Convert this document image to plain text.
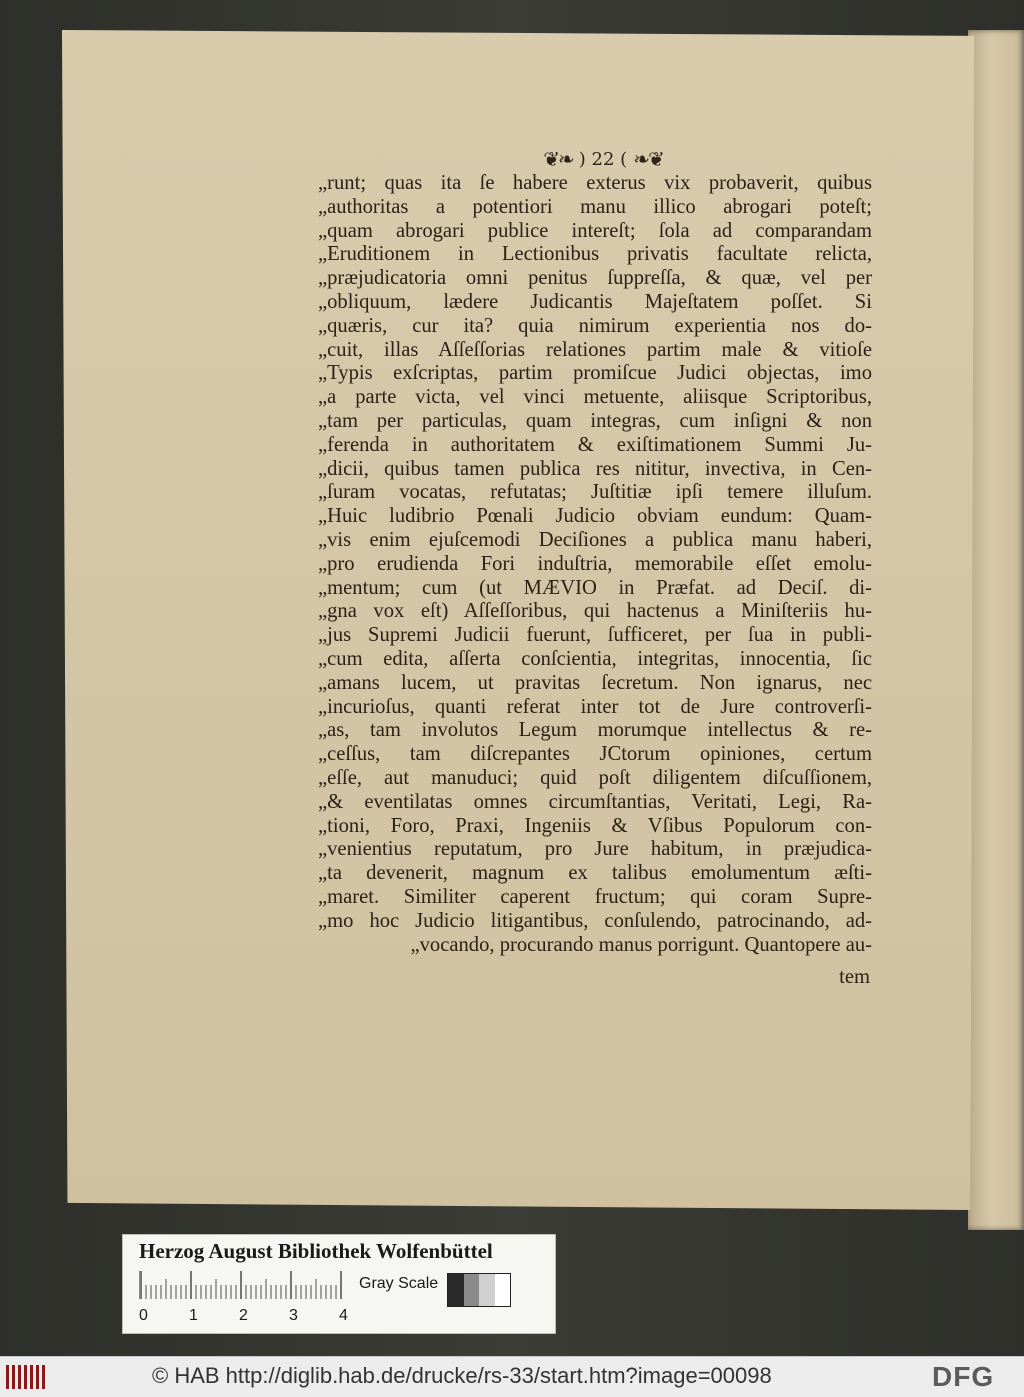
❦❧ ) 22 ( ❧❦
„runt; quas ita ſe habere exterus vix probaverit, quibus
„authoritas a potentiori manu illico abrogari poteſt;
„quam abrogari publice intereſt; ſola ad comparandam
„Eruditionem in Lectionibus privatis facultate relicta,
„præjudicatoria omni penitus ſuppreſſa, & quæ, vel per
„obliquum, lædere Judicantis Majeſtatem poſſet. Si
„quæris, cur ita? quia nimirum experientia nos do-
„cuit, illas Aſſeſſorias relationes partim male & vitioſe
„Typis exſcriptas, partim promiſcue Judici objectas, imo
„a parte victa, vel vinci metuente, aliisque Scriptoribus,
„tam per particulas, quam integras, cum inſigni & non
„ferenda in authoritatem & exiſtimationem Summi Ju-
„dicii, quibus tamen publica res nititur, invectiva, in Cen-
„ſuram vocatas, refutatas; Juſtitiæ ipſi temere illuſum.
„Huic ludibrio Pœnali Judicio obviam eundum: Quam-
„vis enim ejuſcemodi Deciſiones a publica manu haberi,
„pro erudienda Fori induſtria, memorabile eſſet emolu-
„mentum; cum (ut MÆVIO in Præfat. ad Deciſ. di-
„gna vox eſt) Aſſeſſoribus, qui hactenus a Miniſteriis hu-
„jus Supremi Judicii fuerunt, ſufficeret, per ſua in publi-
„cum edita, aſſerta conſcientia, integritas, innocentia, ſic
„amans lucem, ut pravitas ſecretum. Non ignarus, nec
„incurioſus, quanti referat inter tot de Jure controverſi-
„as, tam involutos Legum morumque intellectus & re-
„ceſſus, tam diſcrepantes JCtorum opiniones, certum
„eſſe, aut manuduci; quid poſt diligentem diſcuſſionem,
„& eventilatas omnes circumſtantias, Veritati, Legi, Ra-
„tioni, Foro, Praxi, Ingeniis & Vſibus Populorum con-
„venientius reputatum, pro Jure habitum, in præjudica-
„ta devenerit, magnum ex talibus emolumentum æſti-
„maret. Similiter caperent fructum; qui coram Supre-
„mo hoc Judicio litigantibus, conſulendo, patrocinando, ad-
„vocando, procurando manus porrigunt. Quantopere au-
tem
Herzog August Bibliothek Wolfenbüttel
Gray Scale
0	1	2	3	4
© HAB http://diglib.hab.de/drucke/rs-33/start.htm?image=00098	DFG
